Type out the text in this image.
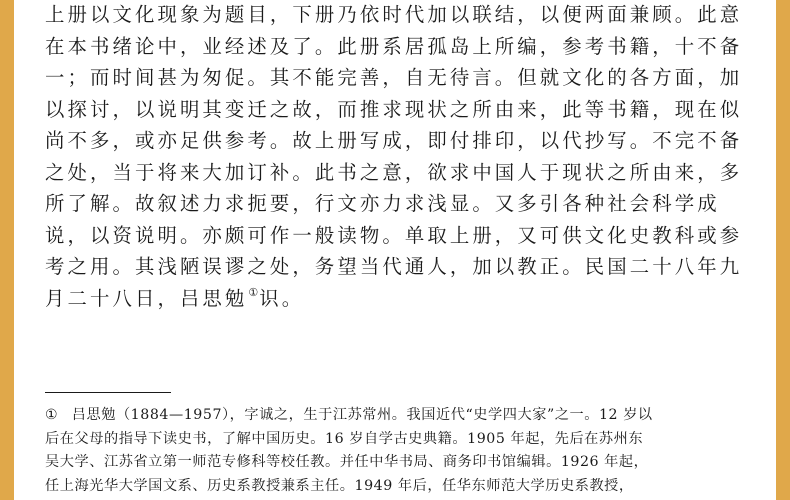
上册以文化现象为题目，下册乃依时代加以联结，以便两面兼顾。此意
在本书绪论中，业经述及了。此册系居孤岛上所编，参考书籍，十不备
一；而时间甚为匆促。其不能完善，自无待言。但就文化的各方面，加
以探讨，以说明其变迁之故，而推求现状之所由来，此等书籍，现在似
尚不多，或亦足供参考。故上册写成，即付排印，以代抄写。不完不备
之处，当于将来大加订补。此书之意，欲求中国人于现状之所由来，多
所了解。故叙述力求扼要，行文亦力求浅显。又多引各种社会科学成
说，以资说明。亦颇可作一般读物。单取上册，又可供文化史教科或参
考之用。其浅陋误谬之处，务望当代通人，加以教正。民国二十八年九
月二十八日，吕思勉①识。
① 吕思勉（1884—1957），字诚之，生于江苏常州。我国近代“史学四大家”之一。12 岁以
后在父母的指导下读史书，了解中国历史。16 岁自学古史典籍。1905 年起，先后在苏州东
吴大学、江苏省立第一师范专修科等校任教。并任中华书局、商务印书馆编辑。1926 年起，
任上海光华大学国文系、历史系教授兼系主任。1949 年后，任华东师范大学历史系教授，
